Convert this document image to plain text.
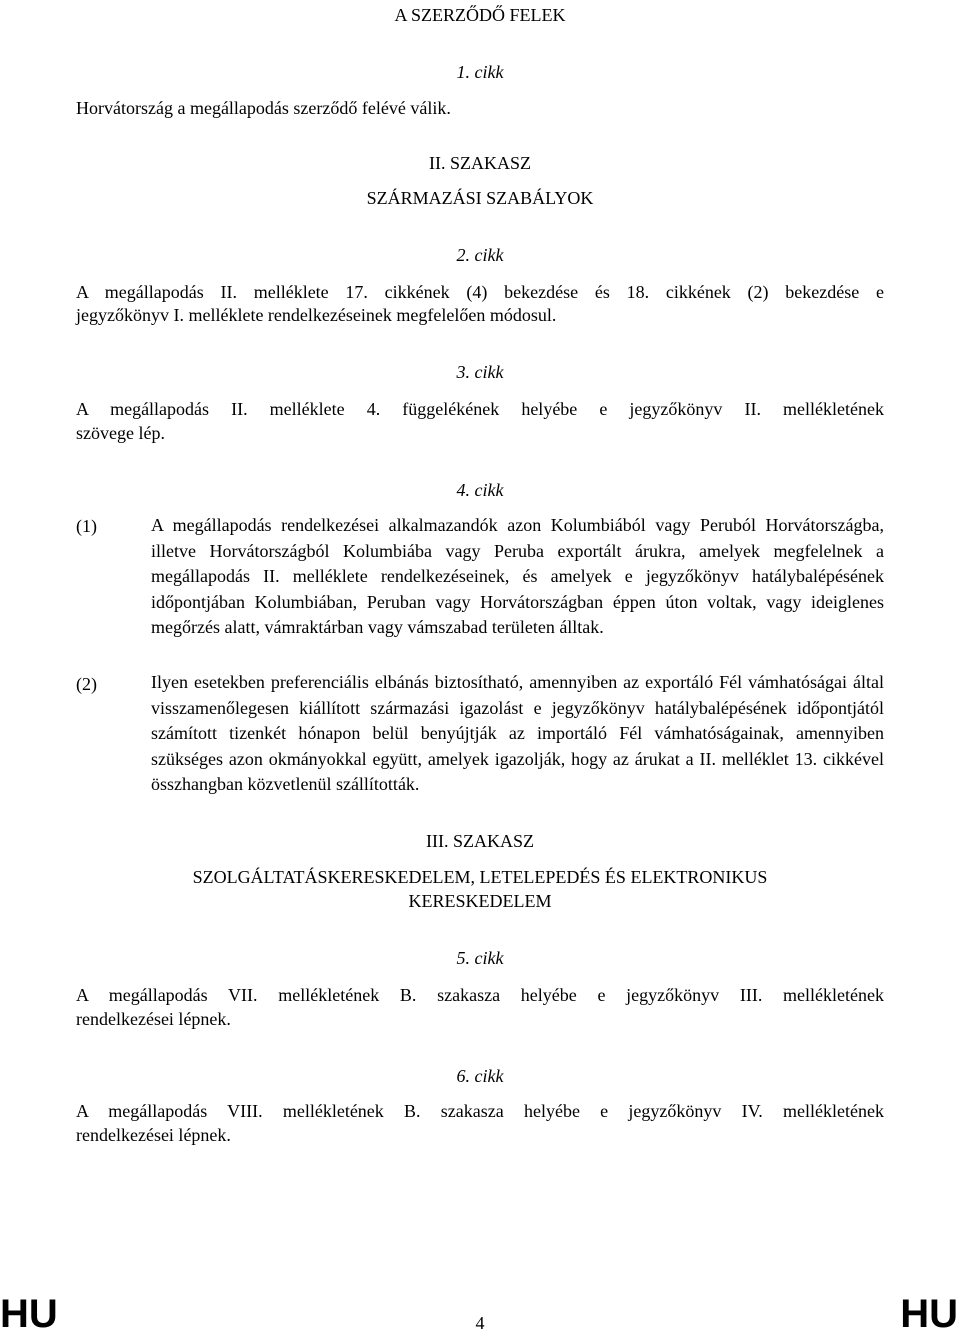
A SZERZŐDŐ FELEK
1. cikk
Horvátország a megállapodás szerződő felévé válik.
II. SZAKASZ
SZÁRMAZÁSI SZABÁLYOK
2. cikk
A megállapodás II. melléklete 17. cikkének (4) bekezdése és 18. cikkének (2) bekezdése e
jegyzőkönyv I. melléklete rendelkezéseinek megfelelően módosul.
3. cikk
A megállapodás II. melléklete 4. függelékének helyébe e jegyzőkönyv II. mellékletének
szövege lép.
4. cikk
(1)	A megállapodás rendelkezései alkalmazandók azon Kolumbiából vagy Peruból Horvátországba, illetve Horvátországból Kolumbiába vagy Peruba exportált árukra, amelyek megfelelnek a megállapodás II. melléklete rendelkezéseinek, és amelyek e jegyzőkönyv hatálybalépésének időpontjában Kolumbiában, Peruban vagy Horvátországban éppen úton voltak, vagy ideiglenes megőrzés alatt, vámraktárban vagy vámszabad területen álltak.
(2)	Ilyen esetekben preferenciális elbánás biztosítható, amennyiben az exportáló Fél vámhatóságai által visszamenőlegesen kiállított származási igazolást e jegyzőkönyv hatálybalépésének időpontjától számított tizenkét hónapon belül benyújtják az importáló Fél vámhatóságainak, amennyiben szükséges azon okmányokkal együtt, amelyek igazolják, hogy az árukat a II. melléklet 13. cikkével összhangban közvetlenül szállították.
III. SZAKASZ
SZOLGÁLTATÁSKERESKEDELEM, LETELEPEDÉS ÉS ELEKTRONIKUS
KERESKEDELEM
5. cikk
A megállapodás VII. mellékletének B. szakasza helyébe e jegyzőkönyv III. mellékletének
rendelkezései lépnek.
6. cikk
A megállapodás VIII. mellékletének B. szakasza helyébe e jegyzőkönyv IV. mellékletének
rendelkezései lépnek.
HU	4	HU
